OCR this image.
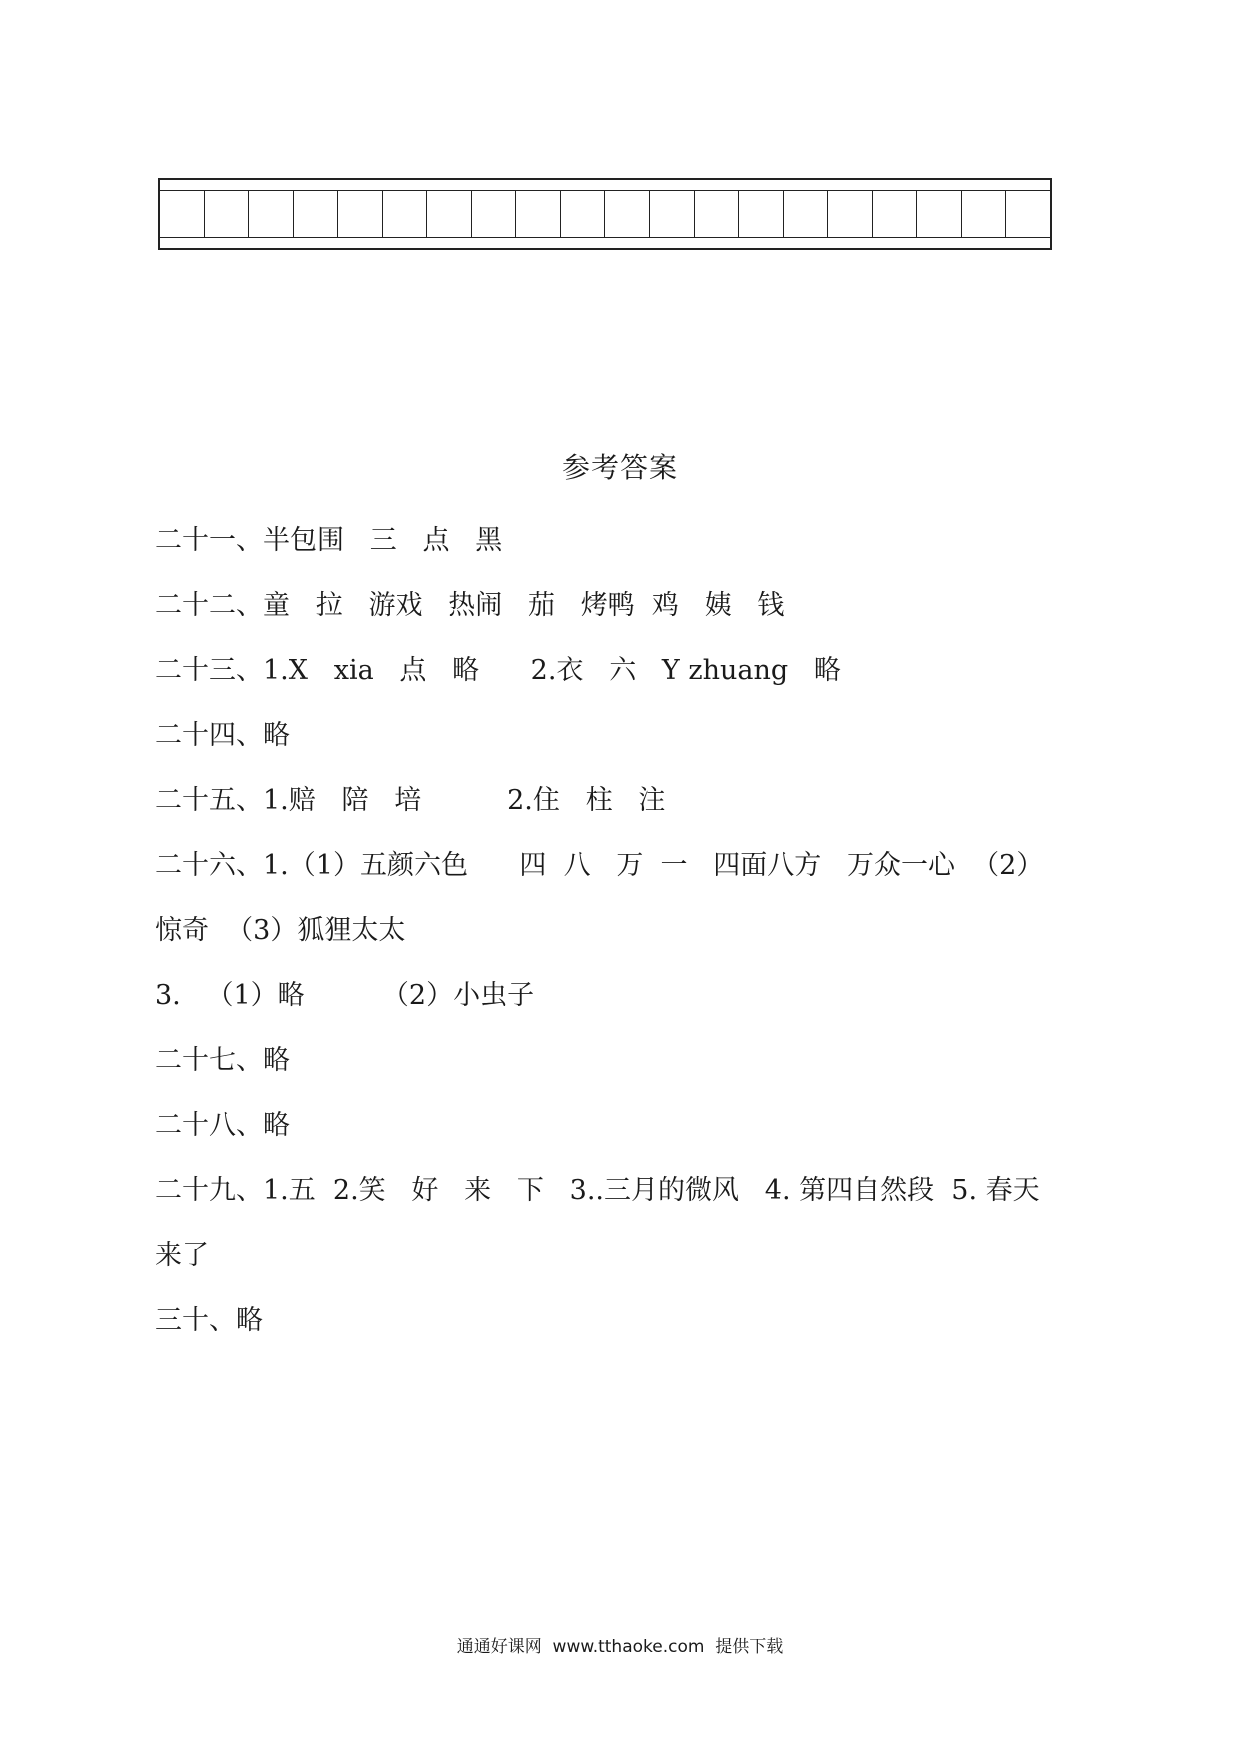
参考答案
二十一、半包围   三   点   黑
二十二、童   拉   游戏   热闹   茄   烤鸭  鸡   姨   钱
二十三、1.X   xia   点   略      2.衣   六   Y zhuang   略
二十四、略
二十五、1.赔   陪   培          2.住   柱   注
二十六、1.（1）五颜六色      四  八   万  一   四面八方   万众一心  （2）
惊奇  （3）狐狸太太
3.   （1）略         （2）小虫子
二十七、略
二十八、略
二十九、1.五  2.笑   好   来   下   3..三月的微风   4. 第四自然段  5. 春天
来了
三十、略
通通好课网  www.tthaoke.com  提供下载
